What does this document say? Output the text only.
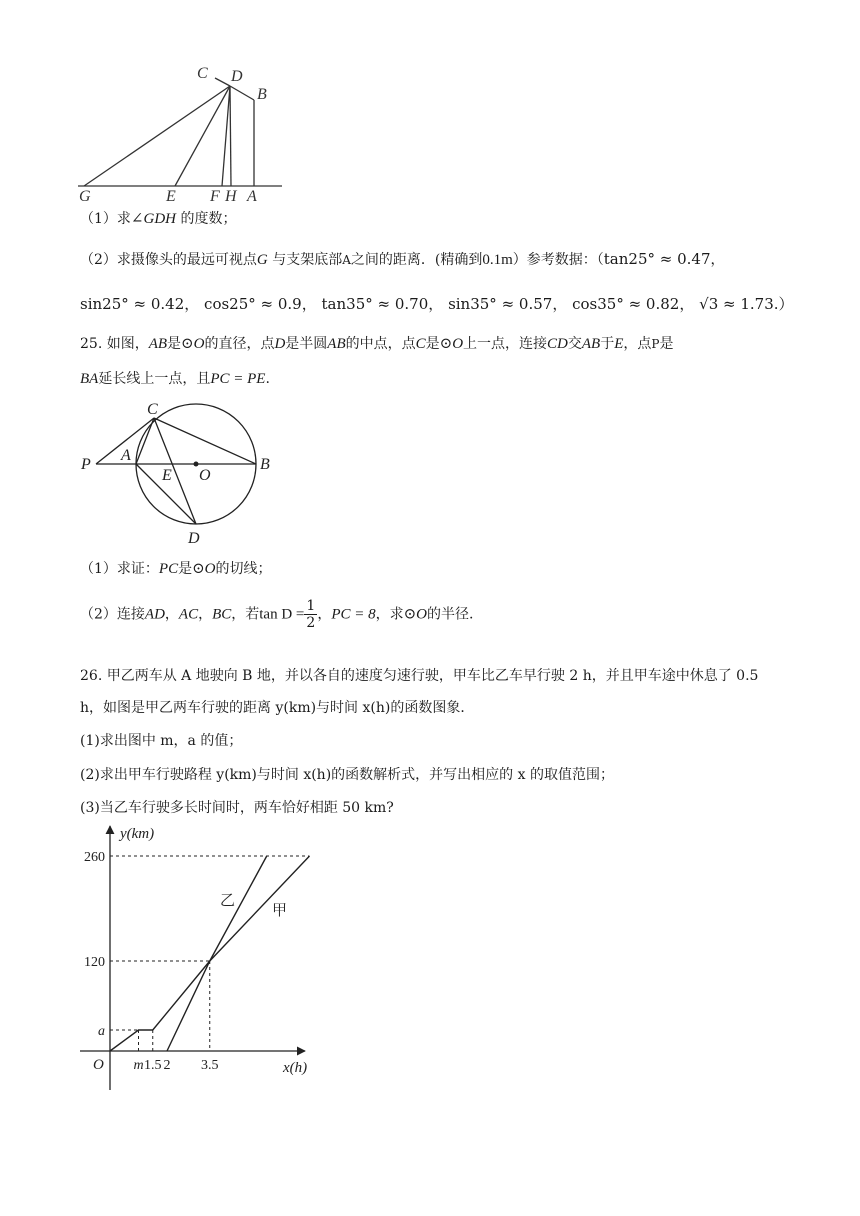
C D
B
G	E F H A
（1）求∠GDH 的度数；
（2）求摄像头的最远可视点G 与支架底部A之间的距离．(精确到0.1m）参考数据：（tan25° ≈ 0.47，
sin25° ≈ 0.42， cos25° ≈ 0.9， tan35° ≈ 0.70， sin35° ≈ 0.57， cos35° ≈ 0.82， √3 ≈ 1.73.）
25. 如图，AB是⊙O的直径，点D是半圆AB的中点，点C是⊙O上一点，连接CD交AB于E，点P是
BA延长线上一点，且PC = PE.
C
A
P
E O
B
D
（1）求证：PC是⊙O的切线；
（2）连接AD，AC，BC，若$\tan D = \frac{1}{2}$ ，PC = 8，求⊙O的半径.
26. 甲乙两车从 A 地驶向 B 地，并以各自的速度匀速行驶，甲车比乙车早行驶 2 h，并且甲车途中休息了 0.5
h，如图是甲乙两车行驶的距离 y(km)与时间 x(h)的函数图象．
(1)求出图中 m，a 的值；
(2)求出甲车行驶路程 y(km)与时间 x(h)的函数解析式，并写出相应的 x 的取值范围；
(3)当乙车行驶多长时间时，两车恰好相距 50 km?
y(km)
x(h)
O
甲
乙
m 1.5 2 3.5
a
120
260
